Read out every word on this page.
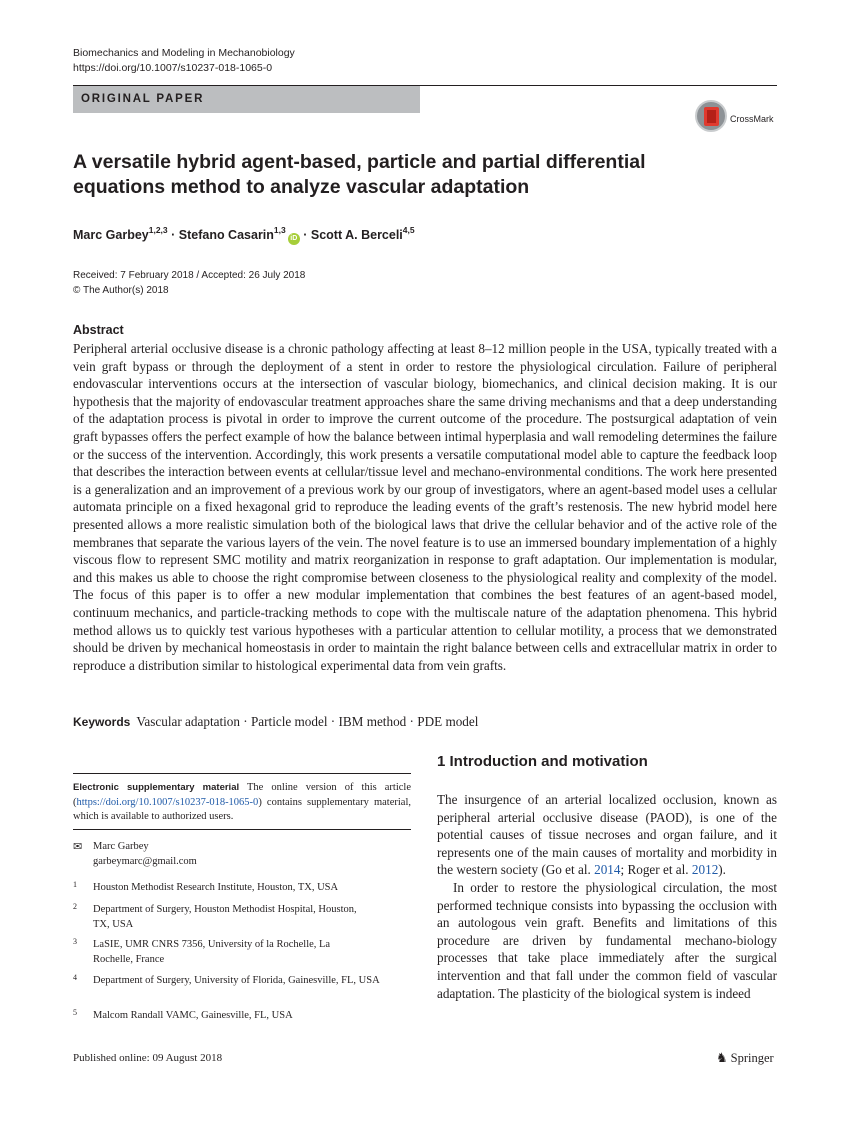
Biomechanics and Modeling in Mechanobiology
https://doi.org/10.1007/s10237-018-1065-0
ORIGINAL PAPER
CrossMark
A versatile hybrid agent-based, particle and partial differential equations method to analyze vascular adaptation
Marc Garbey$^{1,2,3}$ · Stefano Casarin$^{1,3}$iD · Scott A. Berceli$^{4,5}$
Received: 7 February 2018 / Accepted: 26 July 2018
© The Author(s) 2018
Abstract

Peripheral arterial occlusive disease is a chronic pathology affecting at least 8–12 million people in the USA, typically treated with a vein graft bypass or through the deployment of a stent in order to restore the physiological circulation. Failure of peripheral endovascular interventions occurs at the intersection of vascular biology, biomechanics, and clinical decision making. It is our hypothesis that the majority of endovascular treatment approaches share the same driving mechanisms and that a deep understanding of the adaptation process is pivotal in order to improve the current outcome of the procedure. The postsurgical adaptation of vein graft bypasses offers the perfect example of how the balance between intimal hyperplasia and wall remodeling determines the failure or the success of the intervention. Accordingly, this work presents a versatile computational model able to capture the feedback loop that describes the interaction between events at cellular/tissue level and mechano-environmental conditions. The work here presented is a generalization and an improvement of a previous work by our group of investigators, where an agent-based model uses a cellular automata principle on a fixed hexagonal grid to reproduce the leading events of the graft’s restenosis. The new hybrid model here presented allows a more realistic simulation both of the biological laws that drive the cellular behavior and of the active role of the membranes that separate the various layers of the vein. The novel feature is to use an immersed boundary implementation of a highly viscous flow to represent SMC motility and matrix reorganization in response to graft adaptation. Our implementation is modular, and this makes us able to choose the right compromise between closeness to the physiological reality and complexity of the model. The focus of this paper is to offer a new modular implementation that combines the best features of an agent-based model, continuum mechanics, and particle-tracking methods to cope with the multiscale nature of the adaptation phenomena. This hybrid method allows us to quickly test various hypotheses with a particular attention to cellular motility, a process that we demonstrated should be driven by mechanical homeostasis in order to maintain the right balance between cells and extracellular matrix in order to reproduce a distribution similar to histological experimental data from vein grafts.

Keywords Vascular adaptation · Particle model · IBM method · PDE model
Electronic supplementary material The online version of this article (https://doi.org/10.1007/s10237-018-1065-0) contains supplementary material, which is available to authorized users.
✉ Marc Garbey
garbeymarc@gmail.com
1 Houston Methodist Research Institute, Houston, TX, USA
2 Department of Surgery, Houston Methodist Hospital, Houston, TX, USA
3 LaSIE, UMR CNRS 7356, University of la Rochelle, La Rochelle, France
4 Department of Surgery, University of Florida, Gainesville, FL, USA
5 Malcom Randall VAMC, Gainesville, FL, USA
1 Introduction and motivation

The insurgence of an arterial localized occlusion, known as peripheral arterial occlusive disease (PAOD), is one of the potential causes of tissue necroses and organ failure, and it represents one of the main causes of mortality and morbidity in the western society (Go et al. 2014; Roger et al. 2012).

In order to restore the physiological circulation, the most performed technique consists into bypassing the occlusion with an autologous vein graft. Benefits and limitations of this procedure are driven by fundamental mechano-biology processes that take place immediately after the surgical intervention and that fall under the common field of vascular adaptation. The plasticity of the biological system is indeed

Published online: 09 August 2018	♞ Springer
